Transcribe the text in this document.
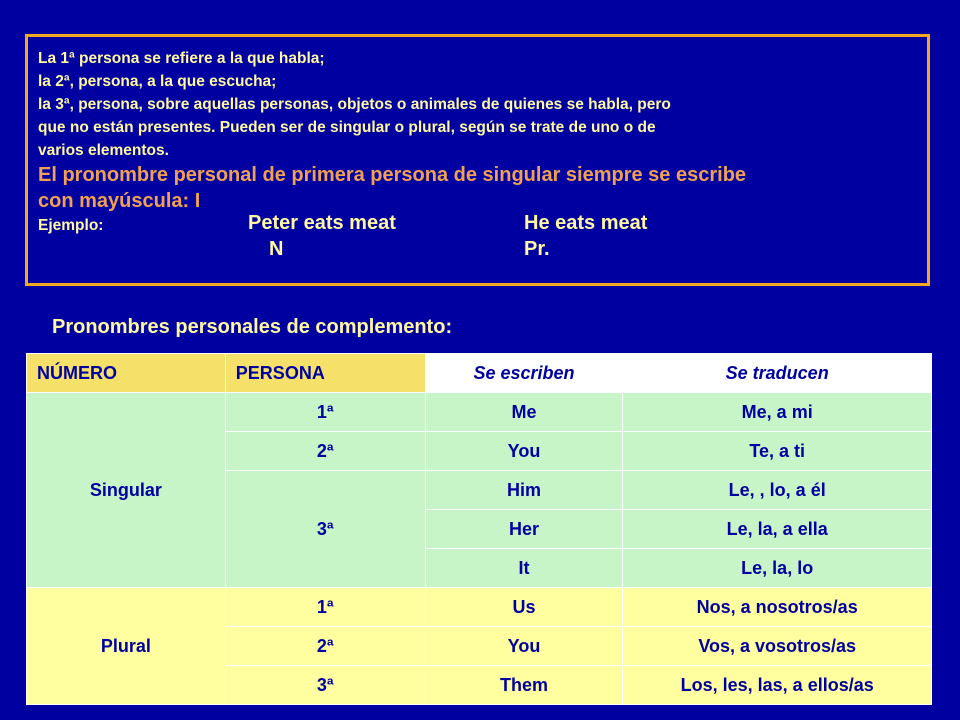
La 1ª persona se refiere a la que habla;
la 2ª, persona, a la que escucha;
la 3ª, persona, sobre aquellas personas, objetos o animales de quienes se habla, pero
que no están presentes. Pueden ser de singular o plural, según se trate de uno o de
varios elementos.
El pronombre personal de primera persona de singular siempre se escribe
con mayúscula: I
Ejemplo:	Peter eats meat	He eats meat
N	Pr.
Pronombres personales de complemento:
NÚMERO	PERSONA	Se escriben	Se traducen
Singular	1ª	Me	Me, a mi
	2ª	You	Te, a ti
	3ª	Him	Le, , lo, a él
		Her	Le, la, a ella
		It	Le, la, lo
Plural	1ª	Us	Nos, a nosotros/as
	2ª	You	Vos, a vosotros/as
	3ª	Them	Los, les, las, a ellos/as
